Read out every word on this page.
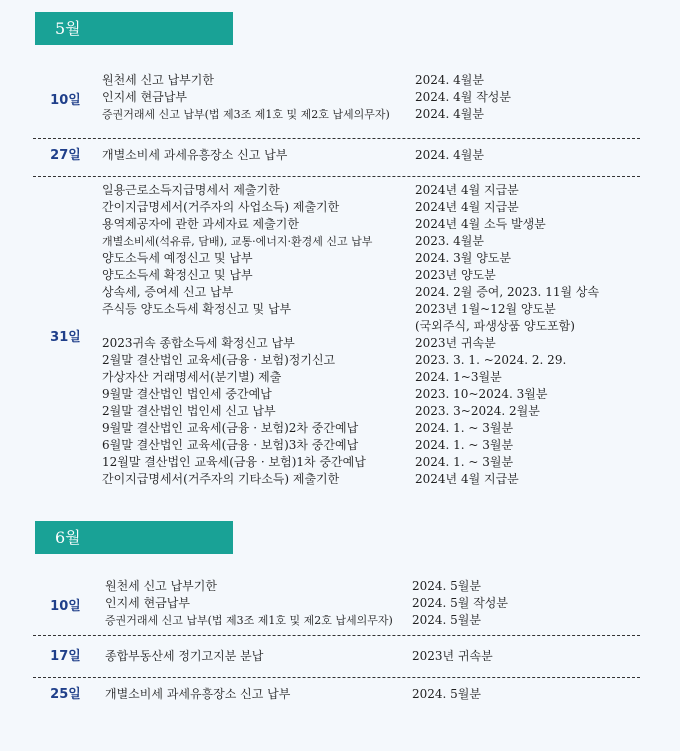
5월
10일
원천세 신고 납부기한	2024. 4월분
인지세 현금납부	2024. 4월 작성분
증권거래세 신고 납부(법 제3조 제1호 및 제2호 납세의무자) 2024. 4월분
27일	개별소비세 과세유흥장소 신고 납부	2024. 4월분
31일
일용근로소득지급명세서 제출기한	2024년 4월 지급분
간이지급명세서(거주자의 사업소득) 제출기한	2024년 4월 지급분
용역제공자에 관한 과세자료 제출기한	2024년 4월 소득 발생분
개별소비세(석유류, 담배), 교통·에너지·환경세 신고 납부	2023. 4월분
양도소득세 예정신고 및 납부	2024. 3월 양도분
양도소득세 확정신고 및 납부	2023년 양도분
상속세, 증여세 신고 납부	2024. 2월 증여, 2023. 11월 상속
주식등 양도소득세 확정신고 및 납부	2023년 1월~12월 양도분
(국외주식, 파생상품 양도포함)
2023귀속 종합소득세 확정신고 납부	2023년 귀속분
2월말 결산법인 교육세(금융 · 보험)정기신고	2023. 3. 1. ~2024. 2. 29.
가상자산 거래명세서(분기별) 제출	2024. 1~3월분
9월말 결산법인 법인세 중간예납	2023. 10~2024. 3월분
2월말 결산법인 법인세 신고 납부	2023. 3~2024. 2월분
9월말 결산법인 교육세(금융 · 보험)2차 중간예납	2024. 1. ~ 3월분
6월말 결산법인 교육세(금융 · 보험)3차 중간예납	2024. 1. ~ 3월분
12월말 결산법인 교육세(금융 · 보험)1차 중간예납	2024. 1. ~ 3월분
간이지급명세서(거주자의 기타소득) 제출기한	2024년 4월 지급분
6월
10일
원천세 신고 납부기한	2024. 5월분
인지세 현금납부	2024. 5월 작성분
증권거래세 신고 납부(법 제3조 제1호 및 제2호 납세의무자) 2024. 5월분
17일	종합부동산세 정기고지분 분납	2023년 귀속분
25일	개별소비세 과세유흥장소 신고 납부	2024. 5월분
